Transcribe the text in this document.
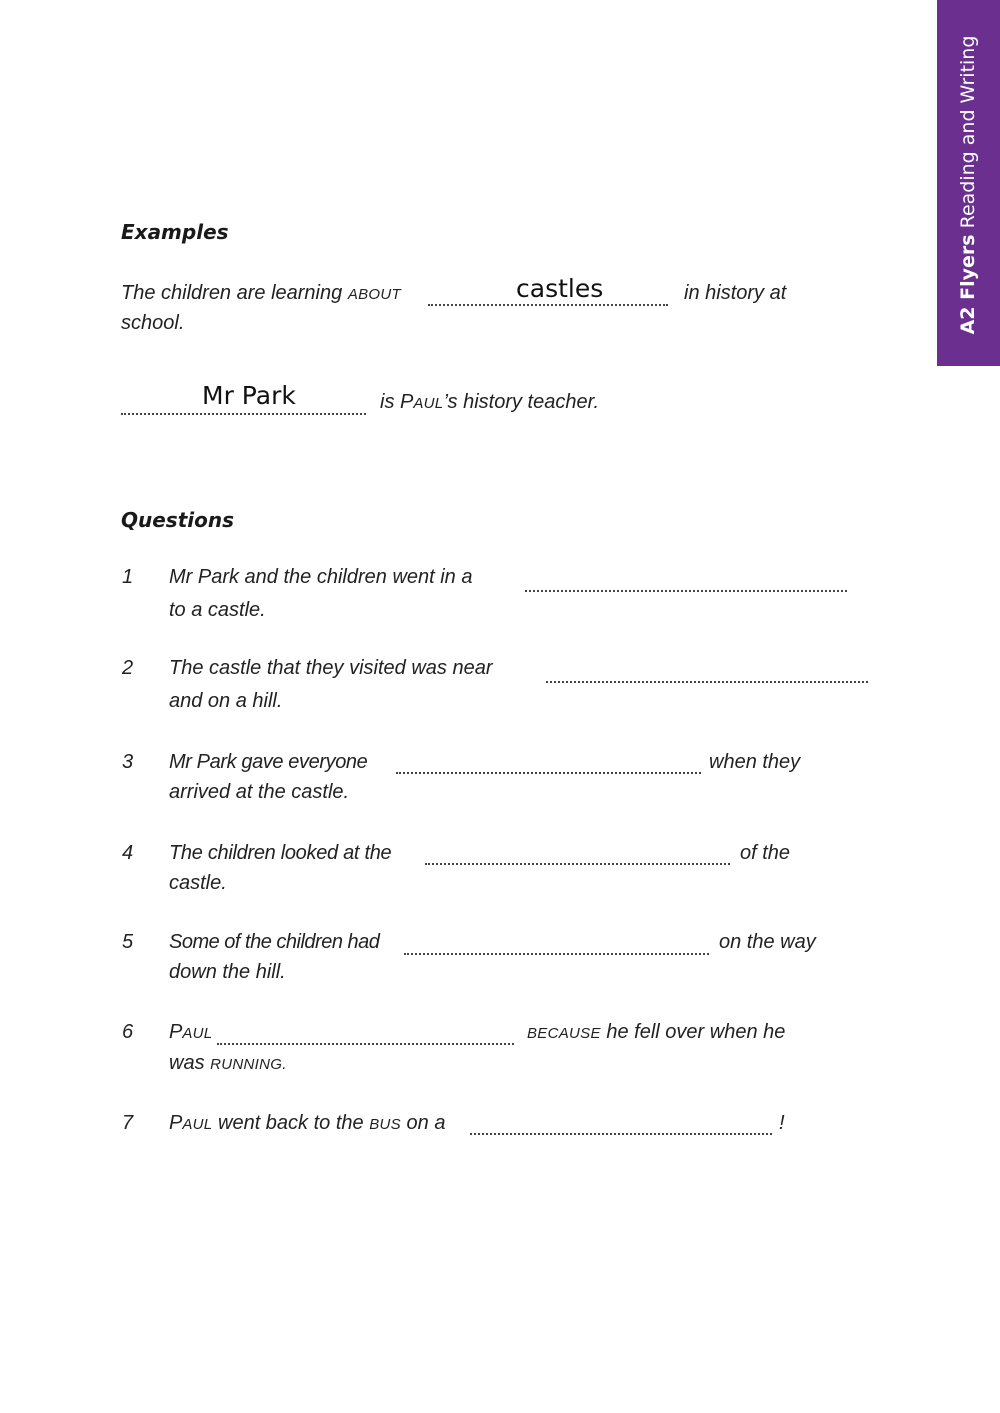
A2 Flyers Reading and Writing
Examples
The children are learning ABOUT	castles	in history at
school.
Mr Park	is PAUL’s history teacher.
Questions
1 Mr Park and the children went in a
to a castle.
2 The castle that they visited was near
and on a hill.
3 Mr Park gave everyone	when they
arrived at the castle.
4 The children looked at the	of the
castle.
5 Some of the children had	on the way
down the hill.
6 PAUL	BECAUSE he fell over when he
was RUNNING.
7 PAUL went back to the BUS on a	!
